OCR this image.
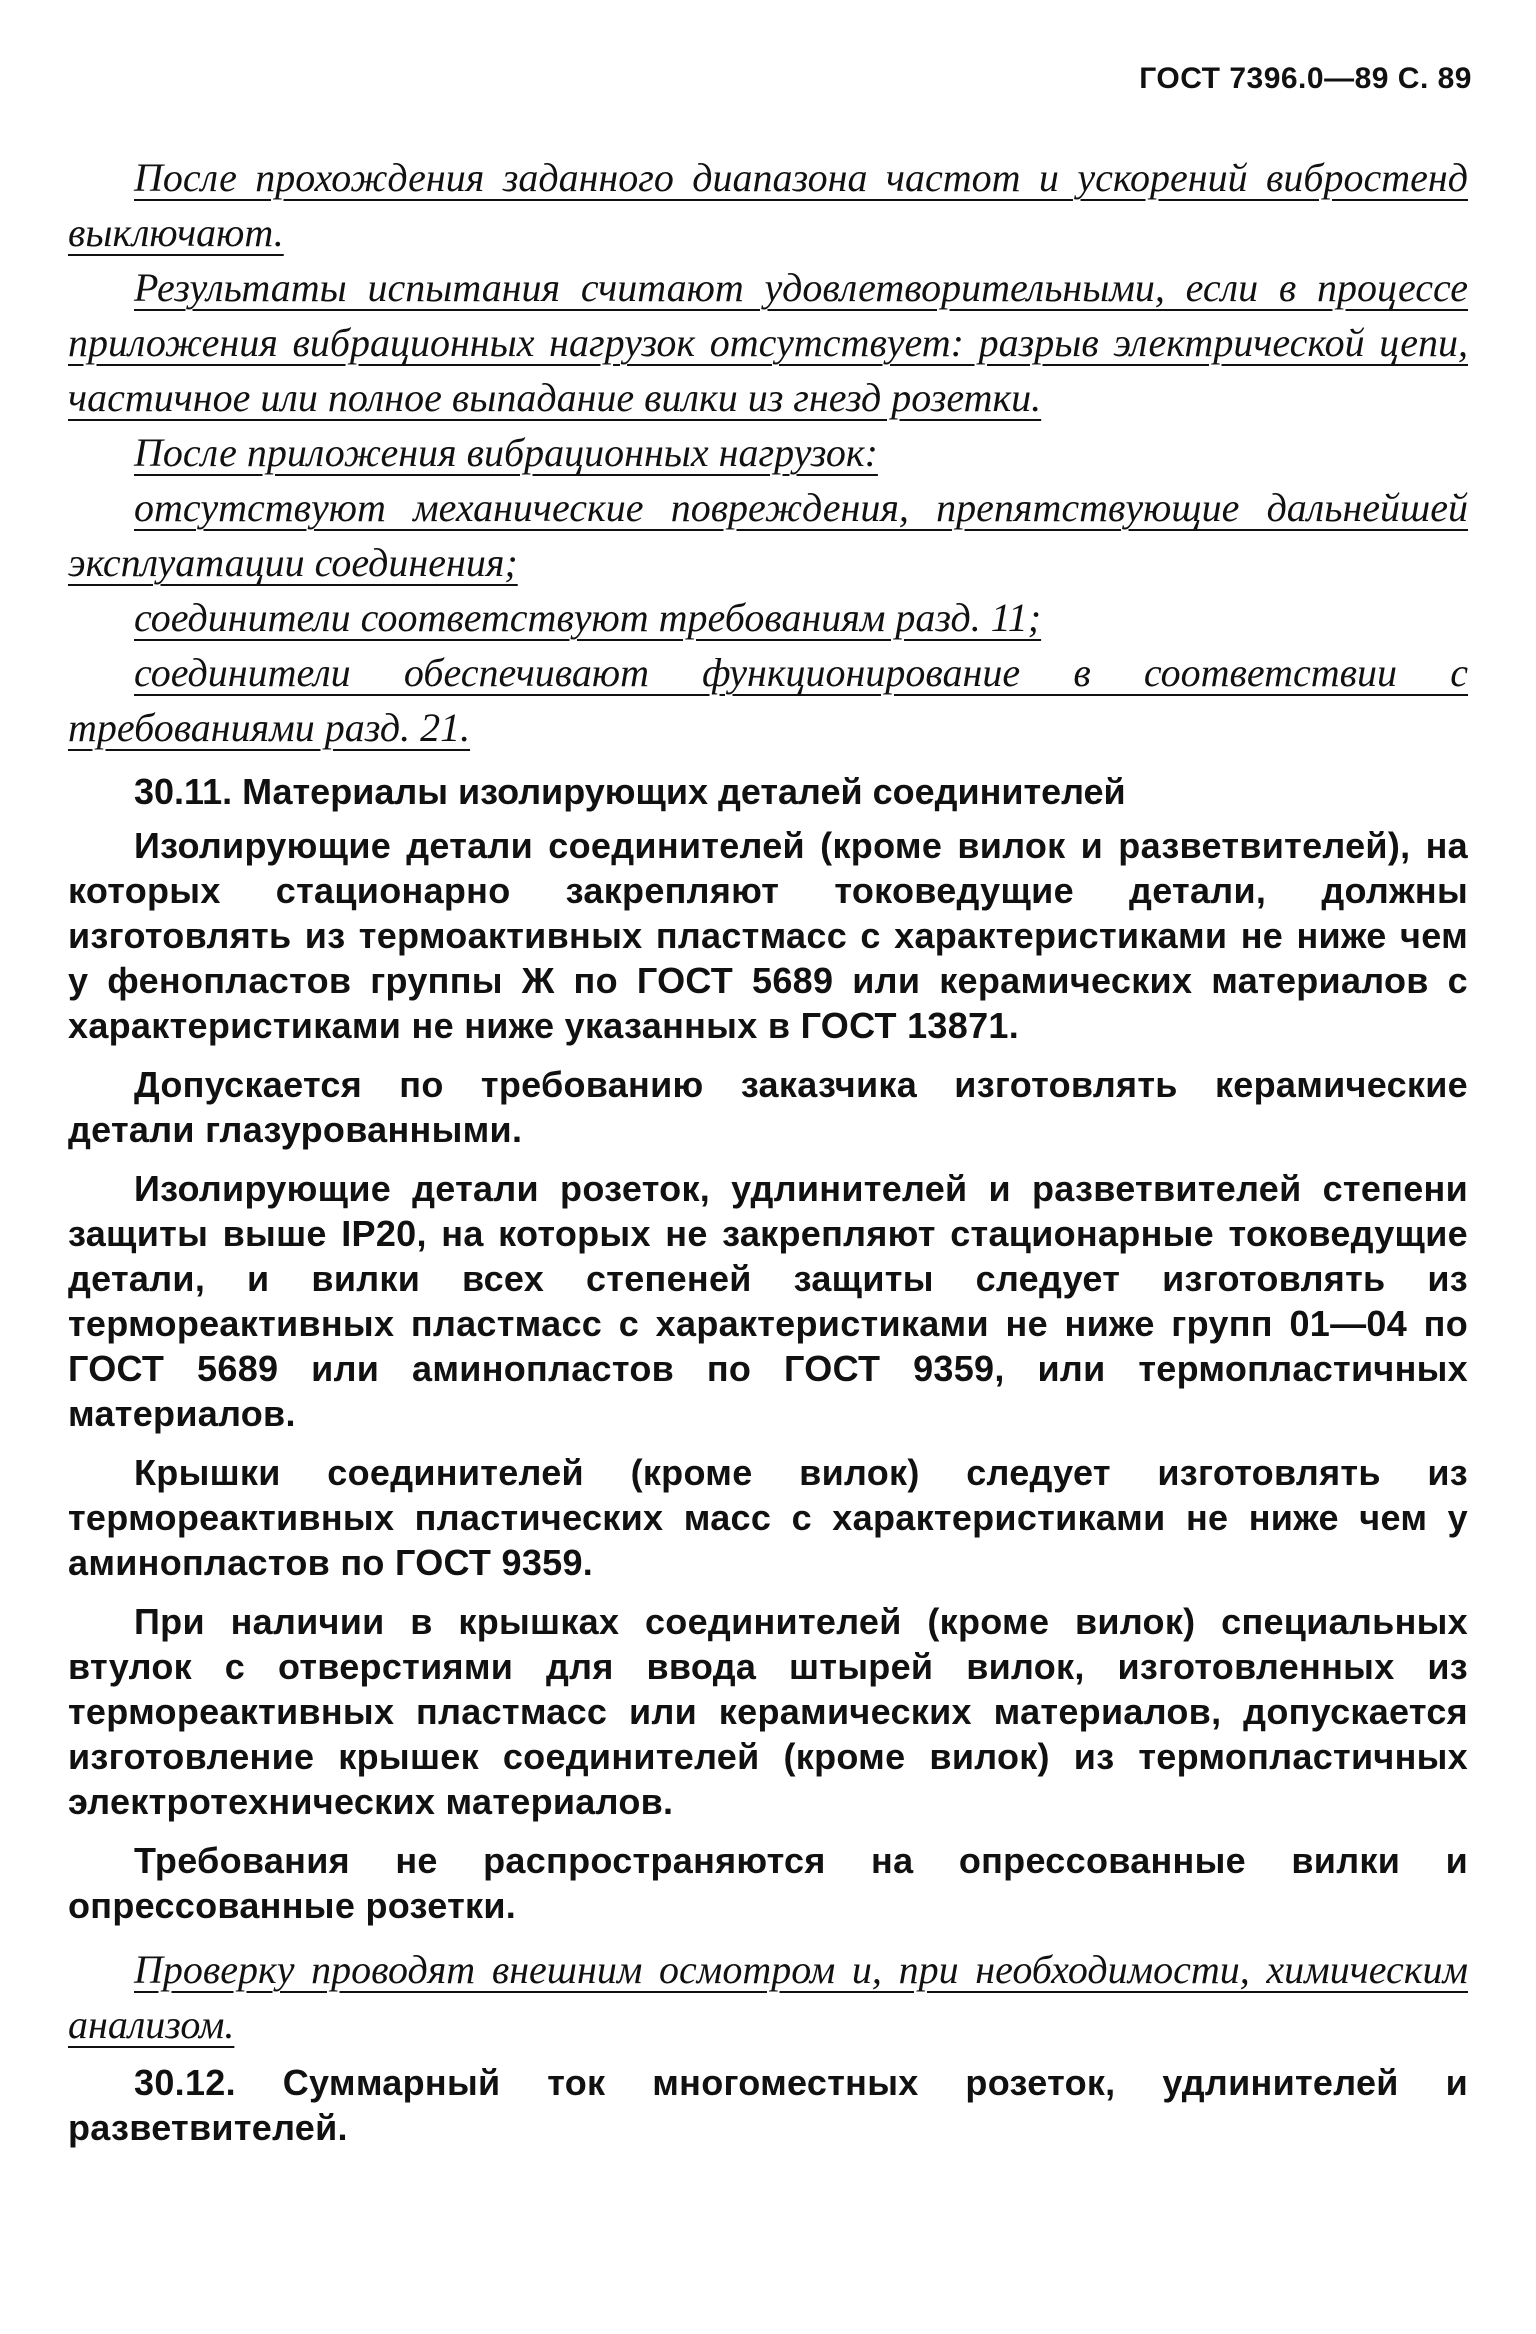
ГОСТ 7396.0—89 С. 89

После прохождения заданного диапазона частот и ускорений вибростенд выключают.

Результаты испытания считают удовлетворительными, если в процессе приложения вибрационных нагрузок отсутствует: разрыв электрической цепи, частичное или полное выпадание вилки из гнезд розетки.

После приложения вибрационных нагрузок:

отсутствуют механические повреждения, препятствующие дальнейшей эксплуатации соединения;

соединители соответствуют требованиям разд. 11;

соединители обеспечивают функционирование в соответствии с требованиями разд. 21.

30.11. Материалы изолирующих деталей соединителей

Изолирующие детали соединителей (кроме вилок и разветвителей), на которых стационарно закрепляют токоведущие детали, должны изготовлять из термоактивных пластмасс с характеристиками не ниже чем у фенопластов группы Ж по ГОСТ 5689 или керамических материалов с характеристиками не ниже указанных в ГОСТ 13871.

Допускается по требованию заказчика изготовлять керамические детали глазурованными.

Изолирующие детали розеток, удлинителей и разветвителей степени защиты выше IP20, на которых не закрепляют стационарные токоведущие детали, и вилки всех степеней защиты следует изготовлять из термореактивных пластмасс с характеристиками не ниже групп 01—04 по ГОСТ 5689 или аминопластов по ГОСТ 9359, или термопластичных материалов.

Крышки соединителей (кроме вилок) следует изготовлять из термореактивных пластических масс с характеристиками не ниже чем у аминопластов по ГОСТ 9359.

При наличии в крышках соединителей (кроме вилок) специальных втулок с отверстиями для ввода штырей вилок, изготовленных из термореактивных пластмасс или керамических материалов, допускается изготовление крышек соединителей (кроме вилок) из термопластичных электротехнических материалов.

Требования не распространяются на опрессованные вилки и опрессованные розетки.

Проверку проводят внешним осмотром и, при необходимости, химическим анализом.

30.12. Суммарный ток многоместных розеток, удлинителей и разветвителей.
